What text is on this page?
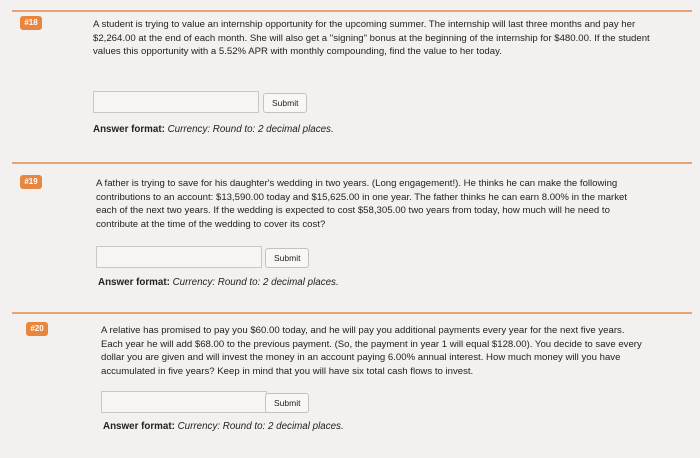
#18	A student is trying to value an internship opportunity for the upcoming summer. The internship will last three months and pay her $2,264.00 at the end of each month. She will also get a "signing" bonus at the beginning of the internship for $480.00. If the student values this opportunity with a 5.52% APR with monthly compounding, find the value to her today.
Submit
Answer format: Currency: Round to: 2 decimal places.
#19	A father is trying to save for his daughter's wedding in two years. (Long engagement!). He thinks he can make the following contributions to an account: $13,590.00 today and $15,625.00 in one year. The father thinks he can earn 8.00% in the market each of the next two years. If the wedding is expected to cost $58,305.00 two years from today, how much will he need to contribute at the time of the wedding to cover its cost?
Submit
Answer format: Currency: Round to: 2 decimal places.
#20	A relative has promised to pay you $60.00 today, and he will pay you additional payments every year for the next five years. Each year he will add $68.00 to the previous payment. (So, the payment in year 1 will equal $128.00). You decide to save every dollar you are given and will invest the money in an account paying 6.00% annual interest. How much money will you have accumulated in five years? Keep in mind that you will have six total cash flows to invest.
Submit
Answer format: Currency: Round to: 2 decimal places.
